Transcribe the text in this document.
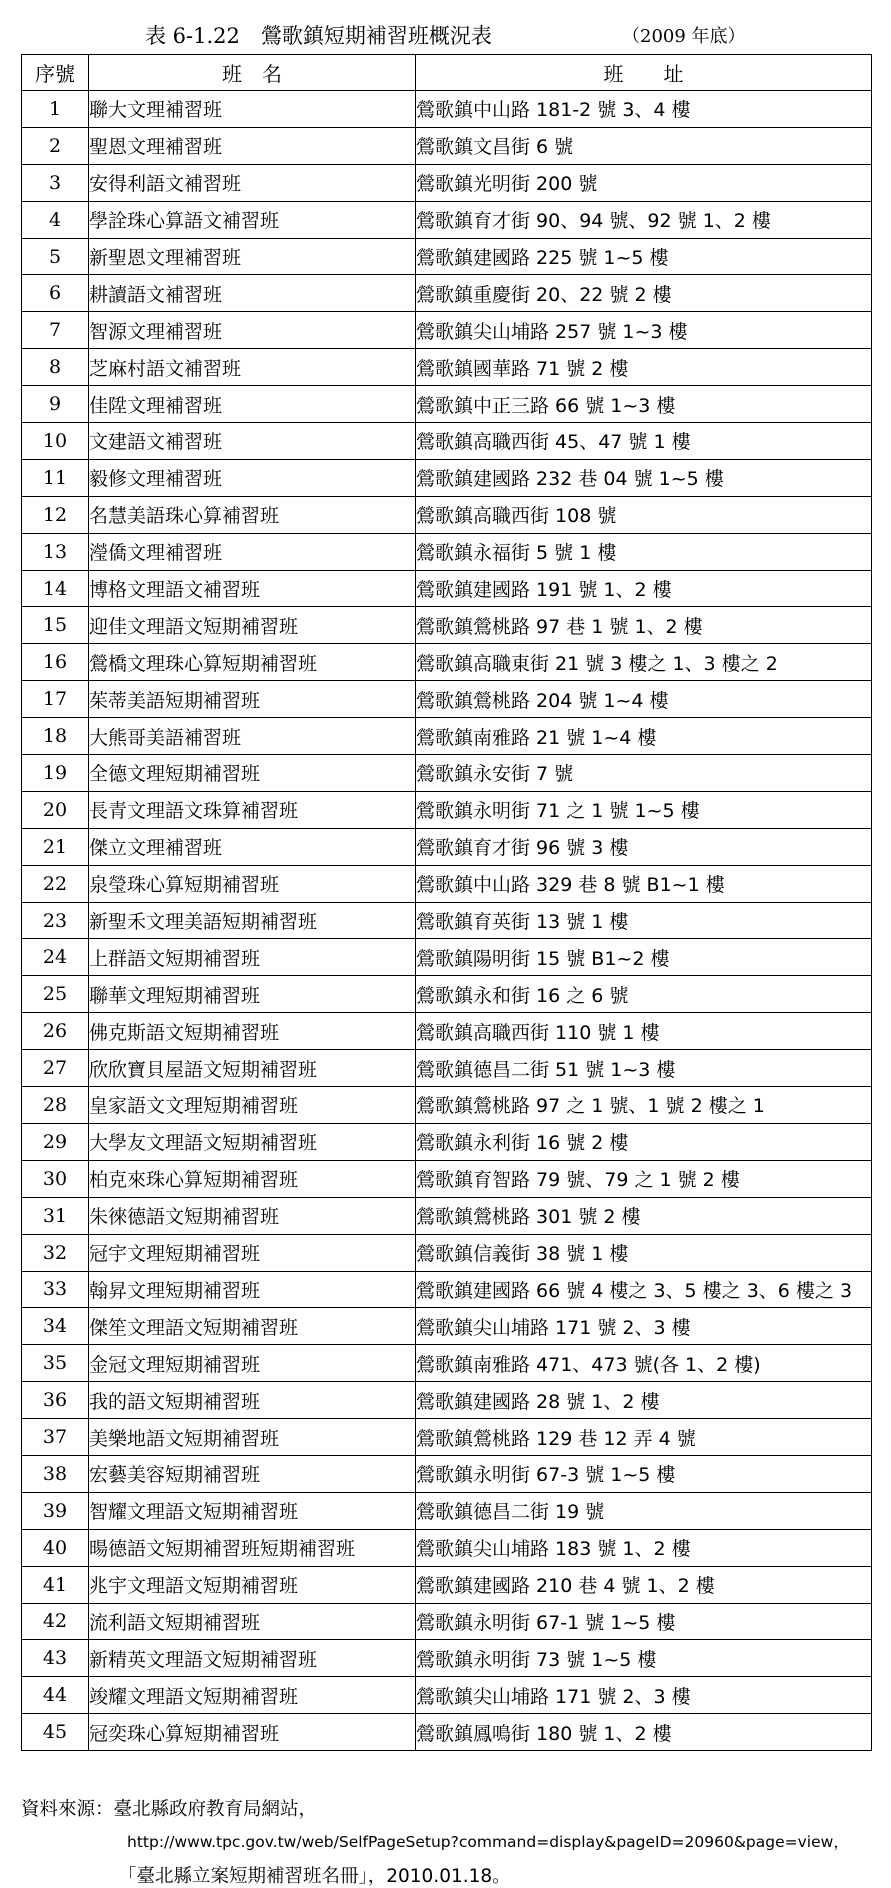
表 6-1.22　鶯歌鎮短期補習班概況表	（2009 年底）
序號	班　名	班　　址
1	聯大文理補習班	鶯歌鎮中山路 181-2 號 3、4 樓
2	聖恩文理補習班	鶯歌鎮文昌街 6 號
3	安得利語文補習班	鶯歌鎮光明街 200 號
4	學詮珠心算語文補習班	鶯歌鎮育才街 90、94 號、92 號 1、2 樓
5	新聖恩文理補習班	鶯歌鎮建國路 225 號 1~5 樓
6	耕讀語文補習班	鶯歌鎮重慶街 20、22 號 2 樓
7	智源文理補習班	鶯歌鎮尖山埔路 257 號 1~3 樓
8	芝麻村語文補習班	鶯歌鎮國華路 71 號 2 樓
9	佳陞文理補習班	鶯歌鎮中正三路 66 號 1~3 樓
10	文建語文補習班	鶯歌鎮高職西街 45、47 號 1 樓
11	毅修文理補習班	鶯歌鎮建國路 232 巷 04 號 1~5 樓
12	名慧美語珠心算補習班	鶯歌鎮高職西街 108 號
13	瀅僑文理補習班	鶯歌鎮永福街 5 號 1 樓
14	博格文理語文補習班	鶯歌鎮建國路 191 號 1、2 樓
15	迎佳文理語文短期補習班	鶯歌鎮鶯桃路 97 巷 1 號 1、2 樓
16	鶯橋文理珠心算短期補習班	鶯歌鎮高職東街 21 號 3 樓之 1、3 樓之 2
17	茱蒂美語短期補習班	鶯歌鎮鶯桃路 204 號 1~4 樓
18	大熊哥美語補習班	鶯歌鎮南雅路 21 號 1~4 樓
19	全德文理短期補習班	鶯歌鎮永安街 7 號
20	長青文理語文珠算補習班	鶯歌鎮永明街 71 之 1 號 1~5 樓
21	傑立文理補習班	鶯歌鎮育才街 96 號 3 樓
22	泉瑩珠心算短期補習班	鶯歌鎮中山路 329 巷 8 號 B1~1 樓
23	新聖禾文理美語短期補習班	鶯歌鎮育英街 13 號 1 樓
24	上群語文短期補習班	鶯歌鎮陽明街 15 號 B1~2 樓
25	聯華文理短期補習班	鶯歌鎮永和街 16 之 6 號
26	佛克斯語文短期補習班	鶯歌鎮高職西街 110 號 1 樓
27	欣欣寶貝屋語文短期補習班	鶯歌鎮德昌二街 51 號 1~3 樓
28	皇家語文文理短期補習班	鶯歌鎮鶯桃路 97 之 1 號、1 號 2 樓之 1
29	大學友文理語文短期補習班	鶯歌鎮永利街 16 號 2 樓
30	柏克來珠心算短期補習班	鶯歌鎮育智路 79 號、79 之 1 號 2 樓
31	朱徠德語文短期補習班	鶯歌鎮鶯桃路 301 號 2 樓
32	冠宇文理短期補習班	鶯歌鎮信義街 38 號 1 樓
33	翰昇文理短期補習班	鶯歌鎮建國路 66 號 4 樓之 3、5 樓之 3、6 樓之 3
34	傑笙文理語文短期補習班	鶯歌鎮尖山埔路 171 號 2、3 樓
35	金冠文理短期補習班	鶯歌鎮南雅路 471、473 號(各 1、2 樓)
36	我的語文短期補習班	鶯歌鎮建國路 28 號 1、2 樓
37	美樂地語文短期補習班	鶯歌鎮鶯桃路 129 巷 12 弄 4 號
38	宏藝美容短期補習班	鶯歌鎮永明街 67-3 號 1~5 樓
39	智耀文理語文短期補習班	鶯歌鎮德昌二街 19 號
40	暘德語文短期補習班短期補習班	鶯歌鎮尖山埔路 183 號 1、2 樓
41	兆宇文理語文短期補習班	鶯歌鎮建國路 210 巷 4 號 1、2 樓
42	流利語文短期補習班	鶯歌鎮永明街 67-1 號 1~5 樓
43	新精英文理語文短期補習班	鶯歌鎮永明街 73 號 1~5 樓
44	竣耀文理語文短期補習班	鶯歌鎮尖山埔路 171 號 2、3 樓
45	冠奕珠心算短期補習班	鶯歌鎮鳳鳴街 180 號 1、2 樓
資料來源：臺北縣政府教育局網站，
http://www.tpc.gov.tw/web/SelfPageSetup?command=display&pageID=20960&page=view，
「臺北縣立案短期補習班名冊」，2010.01.18。
